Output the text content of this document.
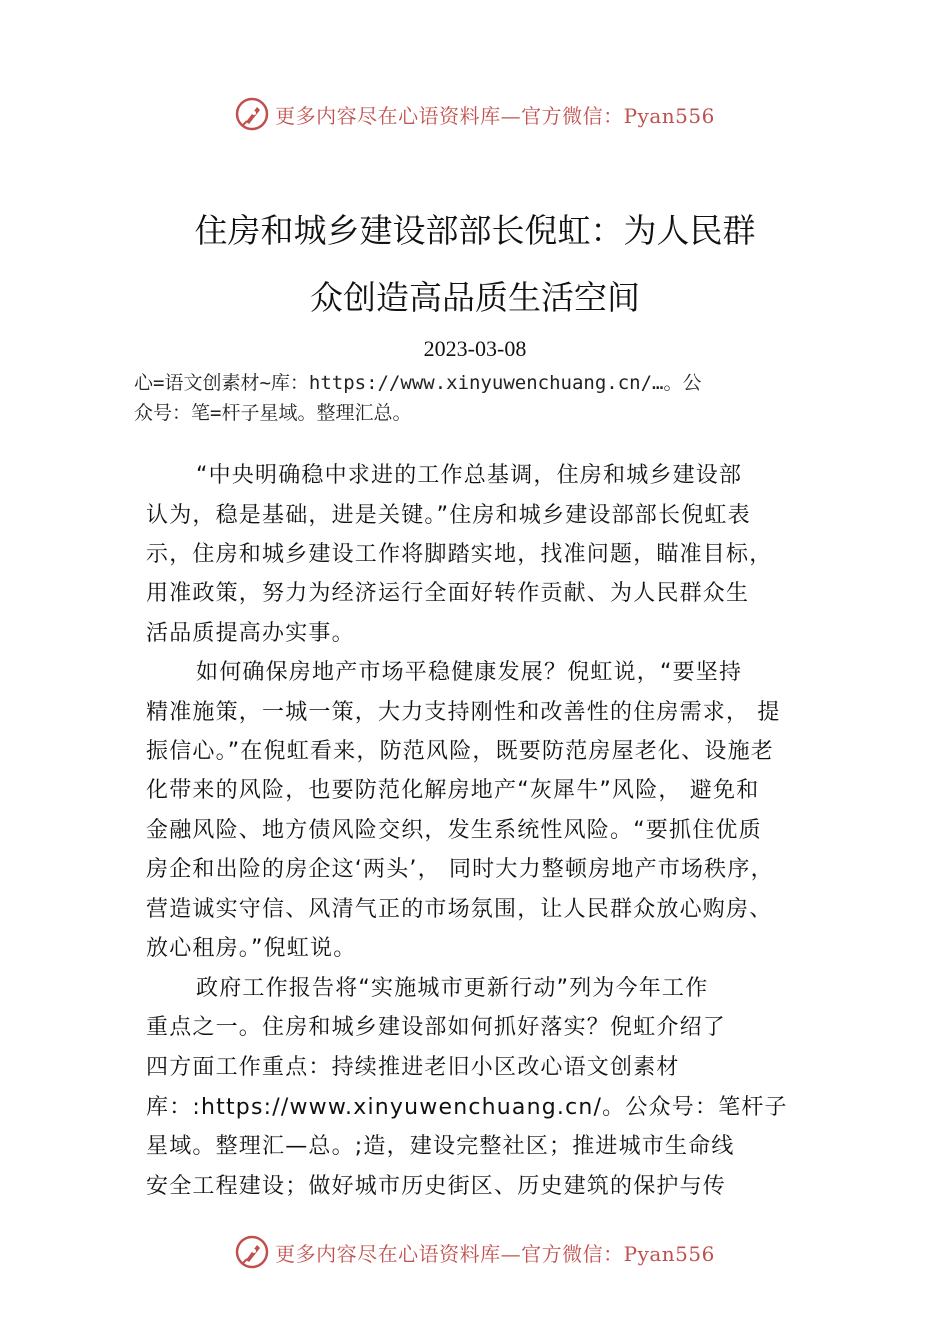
更多内容尽在心语资料库—官方微信：Pyan556
住房和城乡建设部部长倪虹：为人民群
众创造高品质生活空间
2023-03-08
心=语文创素材~库：https://www.xinyuwenchuang.cn/…。公
众号：笔=杆子星域。整理汇总。
“中央明确稳中求进的工作总基调，住房和城乡建设部
认为，稳是基础，进是关键。”住房和城乡建设部部长倪虹表
示，住房和城乡建设工作将脚踏实地，找准问题，瞄准目标，
用准政策，努力为经济运行全面好转作贡献、为人民群众生
活品质提高办实事。
如何确保房地产市场平稳健康发展？倪虹说，“要坚持
精准施策，一城一策，大力支持刚性和改善性的住房需求， 提
振信心。”在倪虹看来，防范风险，既要防范房屋老化、设施老
化带来的风险，也要防范化解房地产“灰犀牛”风险， 避免和
金融风险、地方债风险交织，发生系统性风险。“要抓住优质
房企和出险的房企这‘两头’， 同时大力整顿房地产市场秩序，
营造诚实守信、风清气正的市场氛围，让人民群众放心购房、
放心租房。”倪虹说。
政府工作报告将“实施城市更新行动”列为今年工作
重点之一。住房和城乡建设部如何抓好落实？倪虹介绍了
四方面工作重点：持续推进老旧小区改心语文创素材
库：:https://www.xinyuwenchuang.cn/。公众号：笔杆子
星域。整理汇—总。;造，建设完整社区；推进城市生命线
安全工程建设；做好城市历史街区、历史建筑的保护与传
更多内容尽在心语资料库—官方微信：Pyan556
